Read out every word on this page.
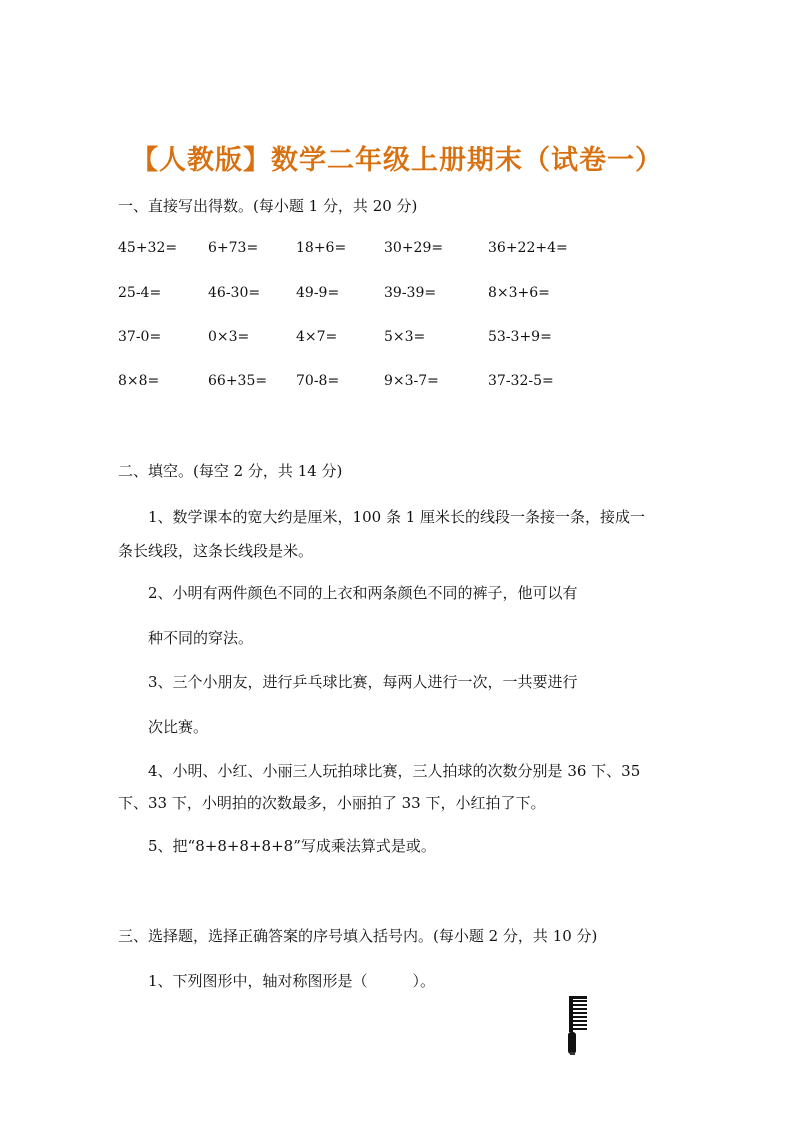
【人教版】数学二年级上册期末（试卷一）

一、直接写出得数。(每小题 1 分，共 20 分)

45+32= 6+73=	18+6=	30+29=	36+22+4=
25-4=	46-30=	49-9=	39-39=	8×3+6=
37-0=	0×3=	4×7=	5×3=	53-3+9=
8×8=	66+35= 70-8=	9×3-7=	37-32-5=

二、填空。(每空 2 分，共 14 分)

1、数学课本的宽大约是厘米，100 条 1 厘米长的线段一条接一条，接成一

条长线段，这条长线段是米。

2、小明有两件颜色不同的上衣和两条颜色不同的裤子，他可以有

种不同的穿法。

3、三个小朋友，进行乒乓球比赛，每两人进行一次，一共要进行

次比赛。

4、小明、小红、小丽三人玩拍球比赛，三人拍球的次数分别是 36 下、35

下、33 下，小明拍的次数最多，小丽拍了 33 下，小红拍了下。

5、把“8+8+8+8+8”写成乘法算式是或。

三、选择题，选择正确答案的序号填入括号内。(每小题 2 分，共 10 分)

1、下列图形中，轴对称图形是（　　　）。
